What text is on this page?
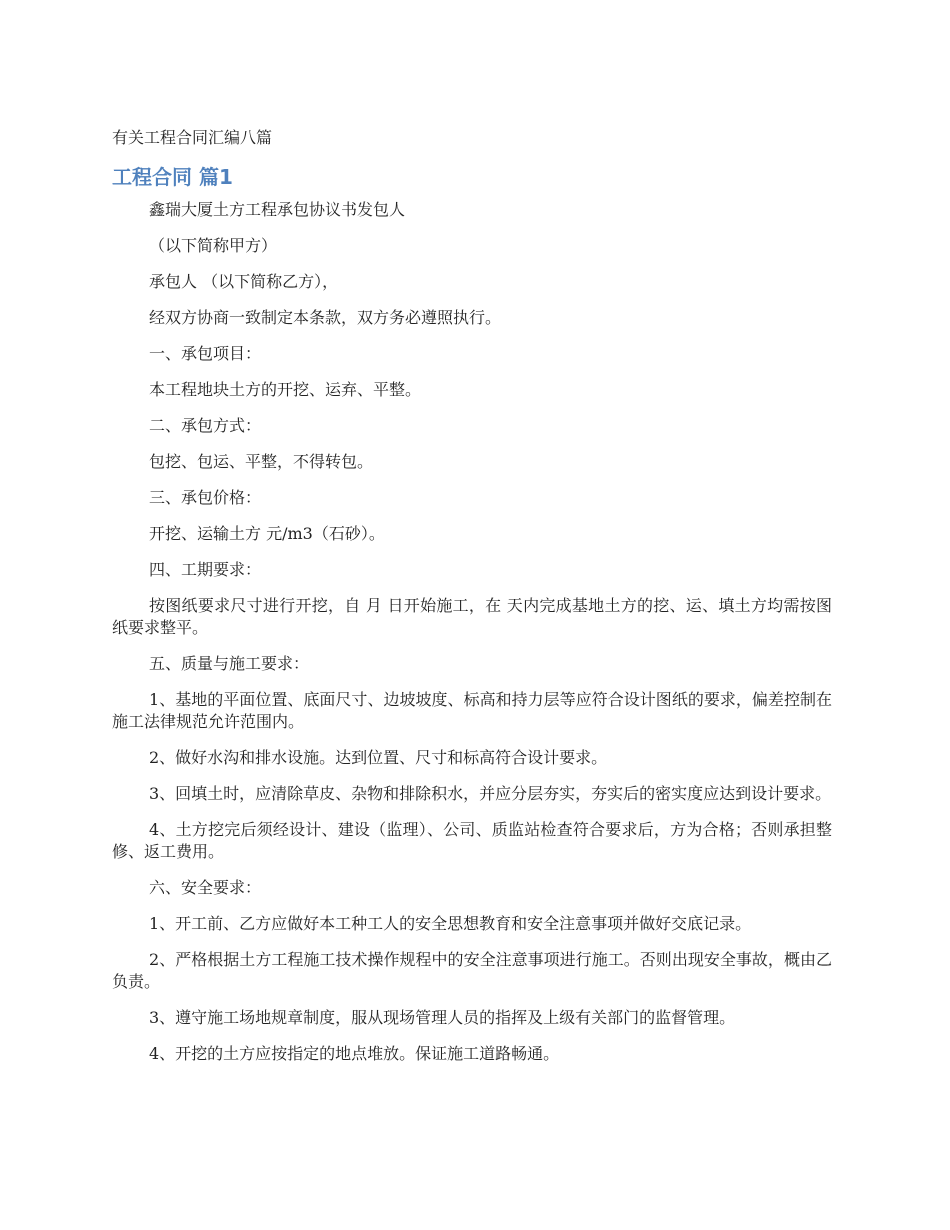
有关工程合同汇编八篇
工程合同 篇1

鑫瑞大厦土方工程承包协议书发包人

（以下简称甲方）

承包人 （以下简称乙方），

经双方协商一致制定本条款，双方务必遵照执行。

一、承包项目：

本工程地块土方的开挖、运弃、平整。

二、承包方式：

包挖、包运、平整，不得转包。

三、承包价格：

开挖、运输土方 元/m3（石砂）。

四、工期要求：

按图纸要求尺寸进行开挖，自 月 日开始施工，在 天内完成基地土方的挖、运、填土方均需按图纸要求整平。

五、质量与施工要求：

1、基地的平面位置、底面尺寸、边坡坡度、标高和持力层等应符合设计图纸的要求，偏差控制在施工法律规范允许范围内。

2、做好水沟和排水设施。达到位置、尺寸和标高符合设计要求。

3、回填土时，应清除草皮、杂物和排除积水，并应分层夯实，夯实后的密实度应达到设计要求。

4、土方挖完后须经设计、建设（监理）、公司、质监站检查符合要求后，方为合格；否则承担整修、返工费用。

六、安全要求：

1、开工前、乙方应做好本工种工人的安全思想教育和安全注意事项并做好交底记录。

2、严格根据土方工程施工技术操作规程中的安全注意事项进行施工。否则出现安全事故，概由乙负责。

3、遵守施工场地规章制度，服从现场管理人员的指挥及上级有关部门的监督管理。

4、开挖的土方应按指定的地点堆放。保证施工道路畅通。
